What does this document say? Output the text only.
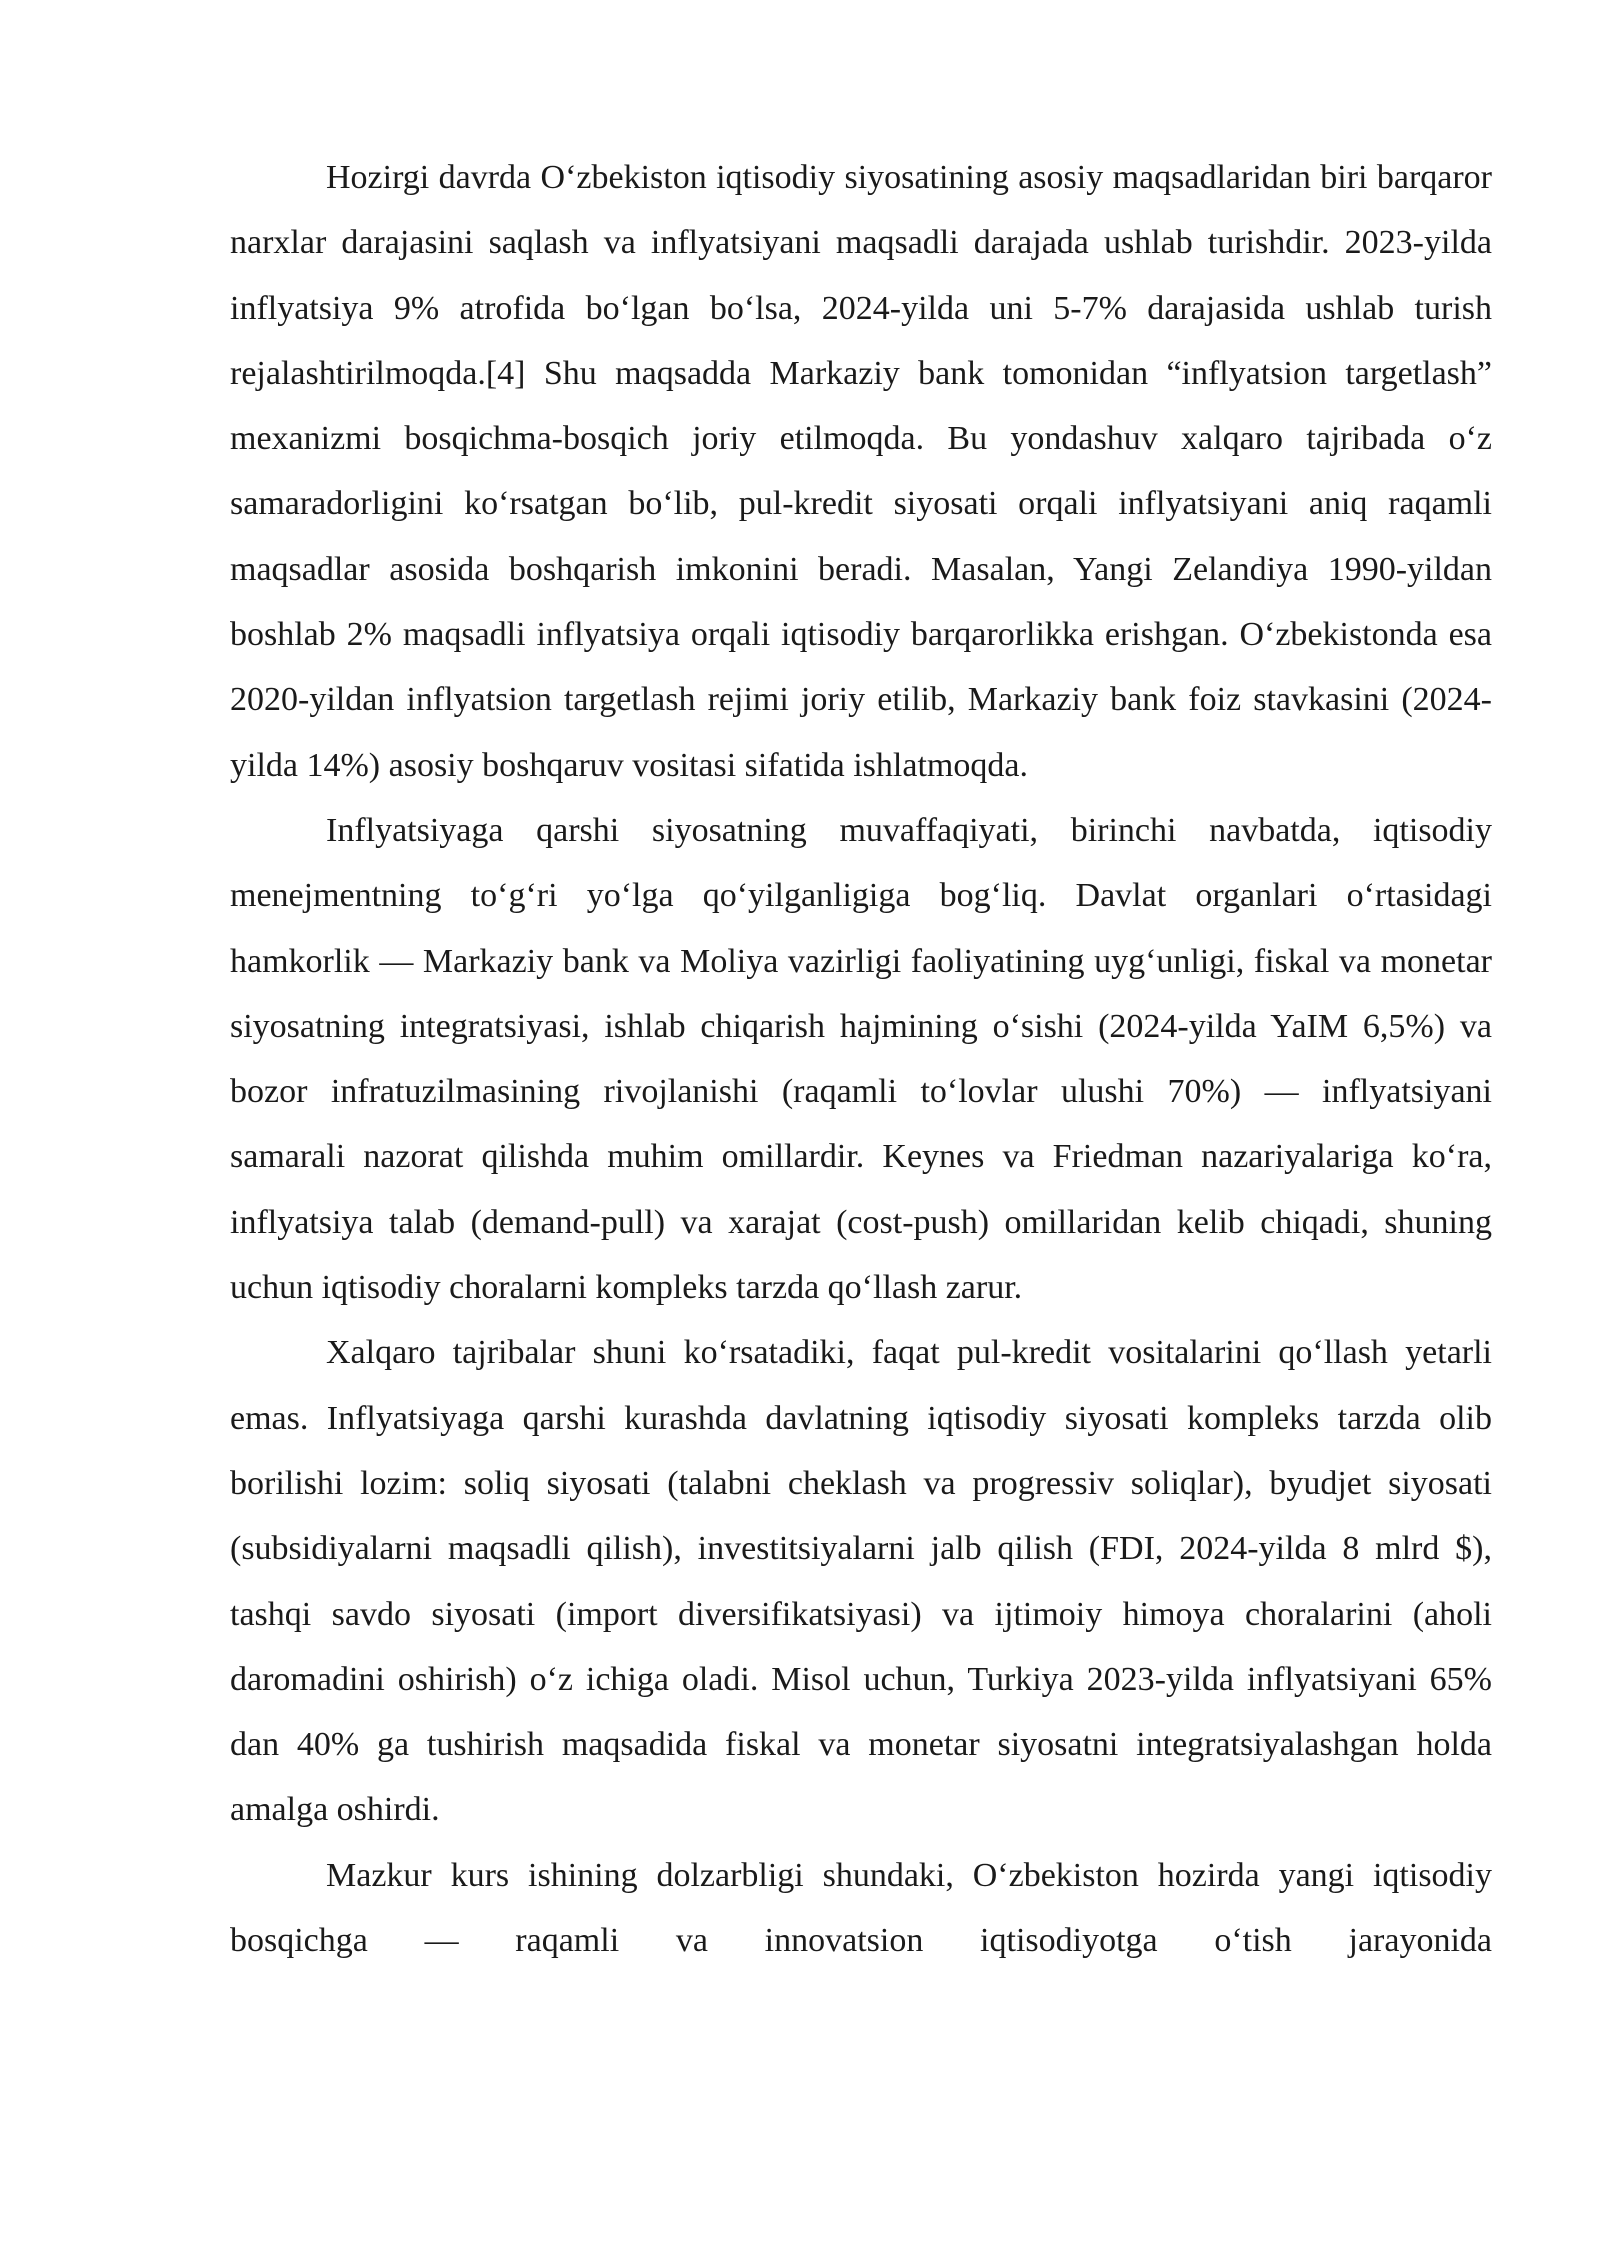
Hozirgi davrda O‘zbekiston iqtisodiy siyosatining asosiy maqsadlaridan biri barqaror narxlar darajasini saqlash va inflyatsiyani maqsadli darajada ushlab turishdir. 2023-yilda inflyatsiya 9% atrofida bo‘lgan bo‘lsa, 2024-yilda uni 5-7% darajasida ushlab turish rejalashtirilmoqda.[4] Shu maqsadda Markaziy bank tomonidan “inflyatsion targetlash” mexanizmi bosqichma-bosqich joriy etilmoqda. Bu yondashuv xalqaro tajribada o‘z samaradorligini ko‘rsatgan bo‘lib, pul-kredit siyosati orqali inflyatsiyani aniq raqamli maqsadlar asosida boshqarish imkonini beradi. Masalan, Yangi Zelandiya 1990-yildan boshlab 2% maqsadli inflyatsiya orqali iqtisodiy barqarorlikka erishgan. O‘zbekistonda esa 2020-yildan inflyatsion targetlash rejimi joriy etilib, Markaziy bank foiz stavkasini (2024-yilda 14%) asosiy boshqaruv vositasi sifatida ishlatmoqda.

Inflyatsiyaga qarshi siyosatning muvaffaqiyati, birinchi navbatda, iqtisodiy menejmentning to‘g‘ri yo‘lga qo‘yilganligiga bog‘liq. Davlat organlari o‘rtasidagi hamkorlik — Markaziy bank va Moliya vazirligi faoliyatining uyg‘unligi, fiskal va monetar siyosatning integratsiyasi, ishlab chiqarish hajmining o‘sishi (2024-yilda YaIM 6,5%) va bozor infratuzilmasining rivojlanishi (raqamli to‘lovlar ulushi 70%) — inflyatsiyani samarali nazorat qilishda muhim omillardir. Keynes va Friedman nazariyalariga ko‘ra, inflyatsiya talab (demand-pull) va xarajat (cost-push) omillaridan kelib chiqadi, shuning uchun iqtisodiy choralarni kompleks tarzda qo‘llash zarur.

Xalqaro tajribalar shuni ko‘rsatadiki, faqat pul-kredit vositalarini qo‘llash yetarli emas. Inflyatsiyaga qarshi kurashda davlatning iqtisodiy siyosati kompleks tarzda olib borilishi lozim: soliq siyosati (talabni cheklash va progressiv soliqlar), byudjet siyosati (subsidiyalarni maqsadli qilish), investitsiyalarni jalb qilish (FDI, 2024-yilda 8 mlrd $), tashqi savdo siyosati (import diversifikatsiyasi) va ijtimoiy himoya choralarini (aholi daromadini oshirish) o‘z ichiga oladi. Misol uchun, Turkiya 2023-yilda inflyatsiyani 65% dan 40% ga tushirish maqsadida fiskal va monetar siyosatni integratsiyalashgan holda amalga oshirdi.

Mazkur kurs ishining dolzarbligi shundaki, O‘zbekiston hozirda yangi iqtisodiy bosqichga — raqamli va innovatsion iqtisodiyotga o‘tish jarayonida
